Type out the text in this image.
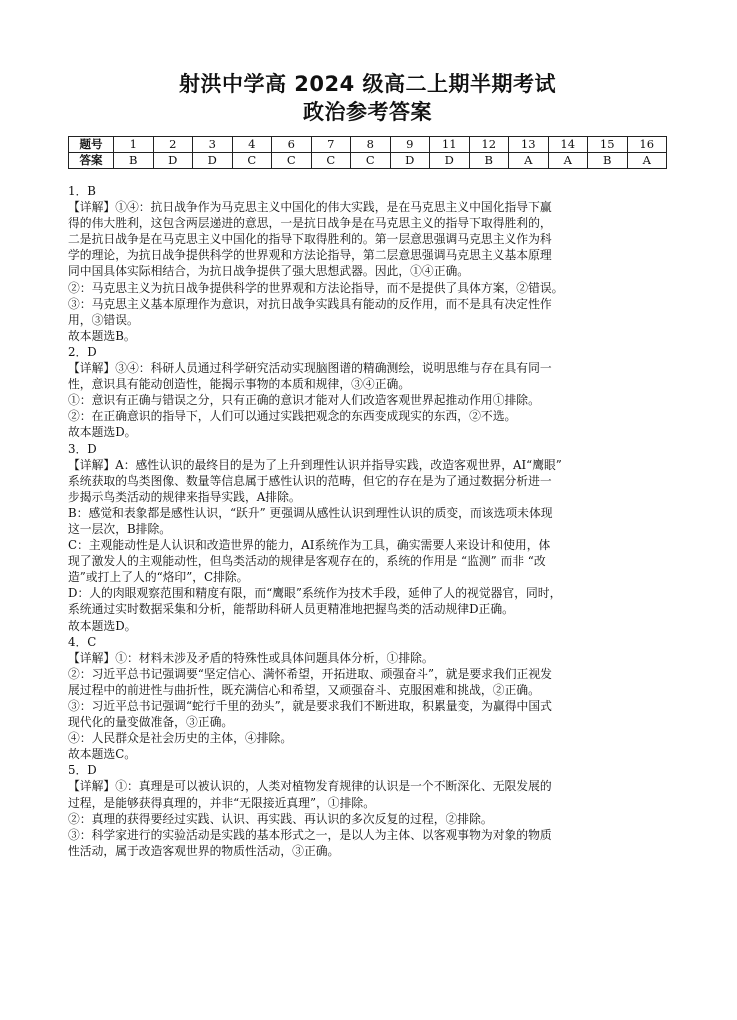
射洪中学高 2024 级高二上期半期考试
政治参考答案
题号	1	2	3	4	6	7	8	9	11	12	13	14	15	16
答案	B	D	D	C	C	C	C	D	D	B	A	A	B	A

1．B

【详解】①④：抗日战争作为马克思主义中国化的伟大实践，是在马克思主义中国化指导下赢

得的伟大胜利，这包含两层递进的意思，一是抗日战争是在马克思主义的指导下取得胜利的，

二是抗日战争是在马克思主义中国化的指导下取得胜利的。第一层意思强调马克思主义作为科

学的理论，为抗日战争提供科学的世界观和方法论指导，第二层意思强调马克思主义基本原理

同中国具体实际相结合，为抗日战争提供了强大思想武器。因此，①④正确。

②：马克思主义为抗日战争提供科学的世界观和方法论指导，而不是提供了具体方案，②错误。

③：马克思主义基本原理作为意识，对抗日战争实践具有能动的反作用，而不是具有决定性作

用，③错误。

故本题选B。

2．D

【详解】③④：科研人员通过科学研究活动实现脑图谱的精确测绘，说明思维与存在具有同一

性，意识具有能动创造性，能揭示事物的本质和规律，③④正确。

①：意识有正确与错误之分，只有正确的意识才能对人们改造客观世界起推动作用①排除。

②：在正确意识的指导下，人们可以通过实践把观念的东西变成现实的东西，②不选。

故本题选D。

3．D

【详解】A：感性认识的最终目的是为了上升到理性认识并指导实践，改造客观世界，AI“鹰眼”

系统获取的鸟类图像、数量等信息属于感性认识的范畴，但它的存在是为了通过数据分析进一

步揭示鸟类活动的规律来指导实践，A排除。

B：感觉和表象都是感性认识，“跃升” 更强调从感性认识到理性认识的质变，而该选项未体现

这一层次，B排除。

C：主观能动性是人认识和改造世界的能力，AI系统作为工具，确实需要人来设计和使用，体

现了激发人的主观能动性，但鸟类活动的规律是客观存在的，系统的作用是 “监测” 而非 “改

造”或打上了人的“烙印”，C排除。

D：人的肉眼观察范围和精度有限，而“鹰眼”系统作为技术手段，延伸了人的视觉器官，同时，

系统通过实时数据采集和分析，能帮助科研人员更精准地把握鸟类的活动规律D正确。

故本题选D。

4．C

【详解】①：材料未涉及矛盾的特殊性或具体问题具体分析，①排除。

②：习近平总书记强调要“坚定信心、满怀希望，开拓进取、顽强奋斗”，就是要求我们正视发

展过程中的前进性与曲折性，既充满信心和希望，又顽强奋斗、克服困难和挑战，②正确。

③：习近平总书记强调“蛇行千里的劲头”，就是要求我们不断进取，积累量变，为赢得中国式

现代化的量变做准备，③正确。

④：人民群众是社会历史的主体，④排除。

故本题选C。

5．D

【详解】①：真理是可以被认识的，人类对植物发育规律的认识是一个不断深化、无限发展的

过程，是能够获得真理的，并非“无限接近真理”，①排除。

②：真理的获得要经过实践、认识、再实践、再认识的多次反复的过程，②排除。

③：科学家进行的实验活动是实践的基本形式之一，是以人为主体、以客观事物为对象的物质

性活动，属于改造客观世界的物质性活动，③正确。
